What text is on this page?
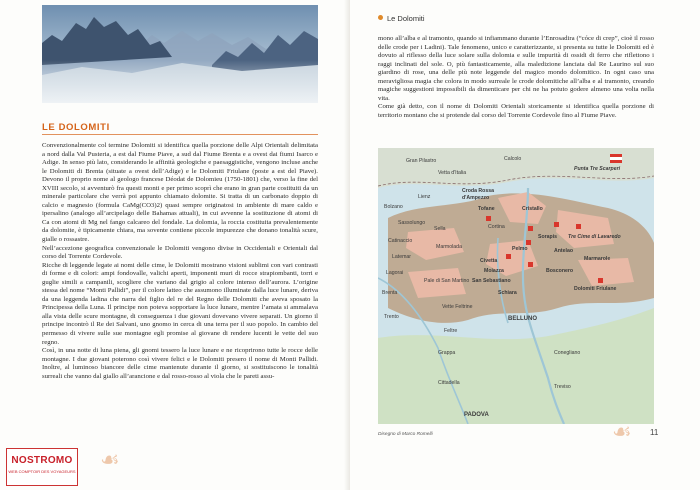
LE DOLOMITI

Convenzionalmente col termine Dolomiti si identifica quella porzione delle Alpi Orientali delimitata a nord dalla Val Pusteria, a est dal Fiume Piave, a sud dal Fiume Brenta e a ovest dai fiumi Isarco e Adige. In senso più lato, considerando le affinità geologiche e paesaggistiche, vengono incluse anche le Dolomiti di Brenta (situate a ovest dell’Adige) e le Dolomiti Friulane (poste a est del Piave). Devono il proprio nome al geologo francese Déodat de Dolomieu (1750-1801) che, verso la fine del XVIII secolo, si avventurò fra questi monti e per primo scoprì che erano in gran parte costituiti da un minerale particolare che verrà poi appunto chiamato dolomite. Si tratta di un carbonato doppio di calcio e magnesio (formula CaMg(CO3)2) quasi sempre originatosi in ambiente di mare caldo e ipersalino (analogo all’arcipelago delle Bahamas attuali), in cui avvenne la sostituzione di atomi di Ca con atomi di Mg nel fango calcareo del fondale. La dolomia, la roccia costituita prevalentemente da dolomite, è tipicamente chiara, ma sovente contiene piccole impurezze che donano tonalità scure, gialle o rossastre.

Nell’accezione geografica convenzionale le Dolomiti vengono divise in Occidentali e Orientali dal corso del Torrente Cordevole.

Ricche di leggende legate ai nomi delle cime, le Dolomiti mostrano visioni sublimi con vari contrasti di forme e di colori: ampi fondovalle, valichi aperti, imponenti muri di rocce strapiombanti, torri e guglie simili a campanili, scogliere che variano dal grigio al colore intenso dell’aurora. L’origine stessa del nome “Monti Pallidi”, per il colore latteo che assumono illuminate dalla luce lunare, deriva da una leggenda ladina che narra del figlio del re del Regno delle Dolomiti che aveva sposato la Principessa della Luna. Il principe non poteva sopportare la luce lunare, mentre l’amata si ammalava alla vista delle scure montagne, di conseguenza i due giovani dovevano vivere separati. Un giorno il principe incontrò il Re dei Salvani, uno gnomo in cerca di una terra per il suo popolo. In cambio del permesso di vivere sulle sue montagne egli promise al giovane di rendere lucenti le vette del suo regno.

Così, in una notte di luna piena, gli gnomi tessero la luce lunare e ne ricoprirono tutte le rocce delle montagne. I due giovani poterono così vivere felici e le Dolomiti presero il nome di Monti Pallidi. Inoltre, al luminoso biancore delle cime mantenute durante il giorno, si sostituiscono le tonalità surreali che vanno dal giallo all’arancione e dal rosso-rosso al viola che le pareti assu-

NOSTROMO
WEB COMPTOIR DES VOYAGEURS ☙
Le Dolomiti

mono all’alba e al tramonto, quando si infiammano durante l’Enrosadira (“cóce di crep”, cioè il rosso delle crode per i Ladini). Tale fenomeno, unico e caratterizzante, si presenta su tutte le Dolomiti ed è dovuto al riflesso della luce solare sulla dolomia e sulle impurità di ossidi di ferro che riflettono i raggi inclinati del sole. O, più fantasticamente, alla maledizione lanciata dal Re Laurino sul suo giardino di rose, una delle più note leggende del magico mondo dolomitico. In ogni caso una meravigliosa magia che colora in modo surreale le crode dolomitiche all’alba e al tramonto, creando magiche suggestioni impossibili da dimenticare per chi ne ha potuto godere almeno una volta nella vita.

Come già detto, con il nome di Dolomiti Orientali storicamente si identifica quella porzione di territorio montano che si protende dal corso del Torrente Cordevole fino al Fiume Piave.

Gran Pilastro
Vetta d'Italia
Calcolo
Punta Tre Scarperi
Lienz
Croda Rossa
d'Ampezzo
Tofane	Cristallo
Cortina
Sorapis Tre Cime di Lavaredo
Antelao
Pelmo
Marmarole
Civetta
Bosconero
Dolomiti Friulane
Moiazza
San Sebastiano
Schiara
BELLUNO
Sassolungo
Sella
Catinaccio
Marmolada
Latemar
Pale di San Martino
Lagorai
Vette Feltrine
Feltre
Grappa
Brenta
Trento
Bolzano
Conegliano
Treviso
Cittadella
PADOVA
Disegno di Marco Romelli	☙ 11
